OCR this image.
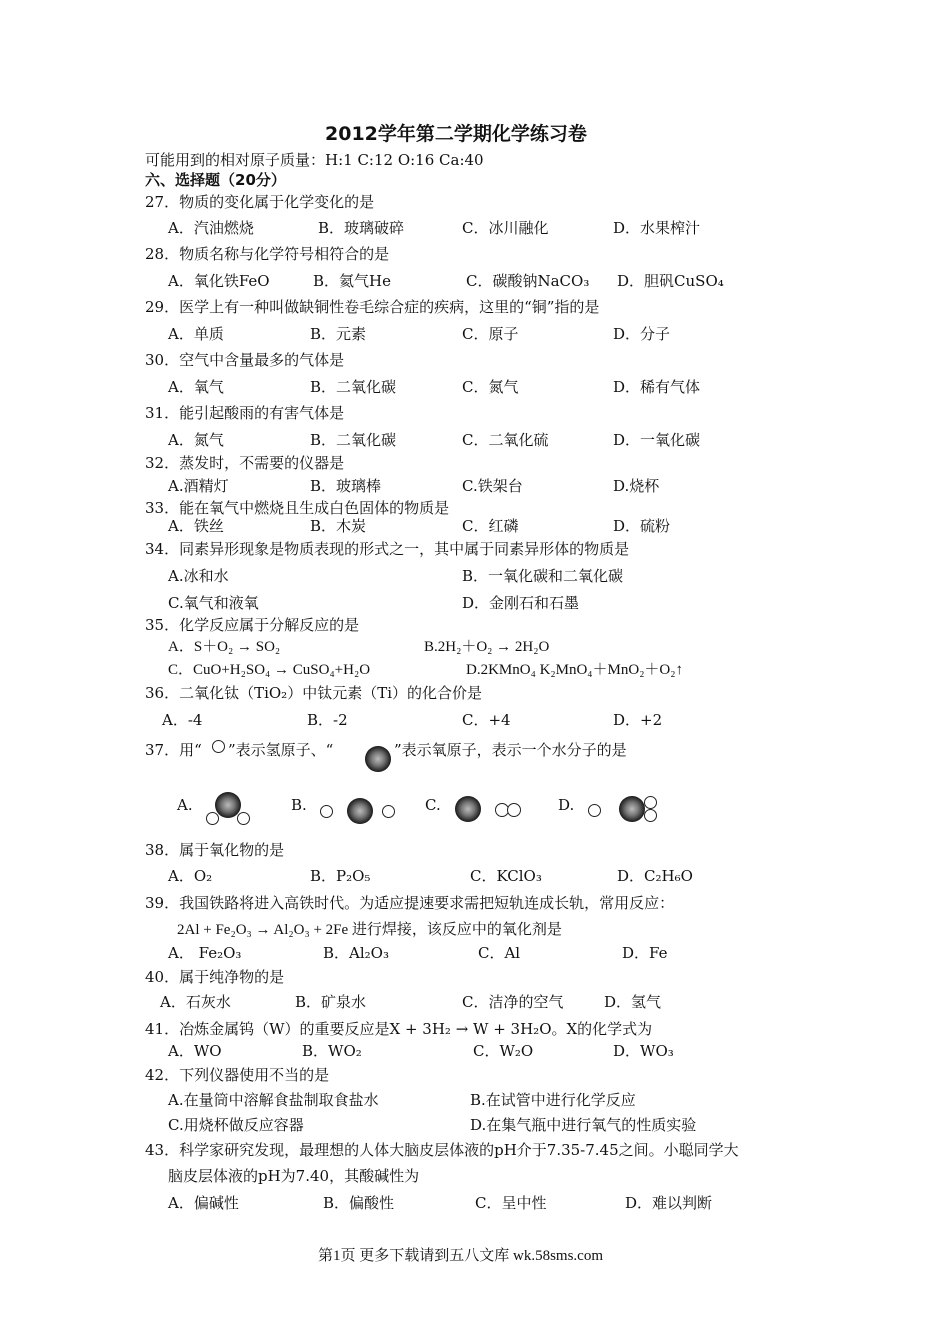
2012学年第二学期化学练习卷
可能用到的相对原子质量：H:1 C:12 O:16 Ca:40
六、选择题（20分）
27．物质的变化属于化学变化的是
A．汽油燃烧	B．玻璃破碎	C．冰川融化	D．水果榨汁
28．物质名称与化学符号相符合的是
A．氧化铁FeO	B．氦气He	C．碳酸钠NaCO₃ D．胆矾CuSO₄
29．医学上有一种叫做缺铜性卷毛综合症的疾病，这里的“铜”指的是
A．单质	B．元素	C．原子	D．分子
30．空气中含量最多的气体是
A．氧气	B．二氧化碳	C．氮气	D．稀有气体
31．能引起酸雨的有害气体是
A．氮气	B．二氧化碳	C．二氧化硫	D．一氧化碳
32．蒸发时，不需要的仪器是
A.酒精灯	B．玻璃棒	C.铁架台	D.烧杯
33．能在氧气中燃烧且生成白色固体的物质是
A．铁丝	B．木炭	C．红磷	D．硫粉
34．同素异形现象是物质表现的形式之一，其中属于同素异形体的物质是
A.冰和水	B．一氧化碳和二氧化碳
C.氧气和液氧	D．金刚石和石墨
35．化学反应属于分解反应的是
A．S＋O₂ → SO₂	B.2H₂＋O₂ → 2H₂O
C．CuO+H₂SO₄ → CuSO₄+H₂O	D.2KMnO₄ K₂MnO₄＋MnO₂＋O₂↑
36．二氧化钛（TiO₂）中钛元素（Ti）的化合价是
A．-4	B．-2	C．+4	D．+2
37．用“ ”表示氢原子、“	”表示氧原子，表示一个水分子的是
A.	B.	C.	D.
38．属于氧化物的是
A．O₂	B．P₂O₅	C．KClO₃	D．C₂H₆O
39．我国铁路将进入高铁时代。为适应提速要求需把短轨连成长轨，常用反应：
2Al + Fe₂O₃ → Al₂O₃ + 2Fe 进行焊接，该反应中的氧化剂是
A． Fe₂O₃	B．Al₂O₃	C．Al	D．Fe
40．属于纯净物的是
A．石灰水	B．矿泉水	C．洁净的空气	D．氢气
41．冶炼金属钨（W）的重要反应是X + 3H₂ → W + 3H₂O。X的化学式为
A．WO	B．WO₂	C．W₂O	D．WO₃
42．下列仪器使用不当的是
A.在量筒中溶解食盐制取食盐水	B.在试管中进行化学反应
C.用烧杯做反应容器	D.在集气瓶中进行氧气的性质实验
43．科学家研究发现，最理想的人体大脑皮层体液的pH介于7.35-7.45之间。小聪同学大
脑皮层体液的pH为7.40，其酸碱性为
A．偏碱性	B．偏酸性	C．呈中性	D．难以判断
第1页 更多下载请到五八文库 wk.58sms.com
